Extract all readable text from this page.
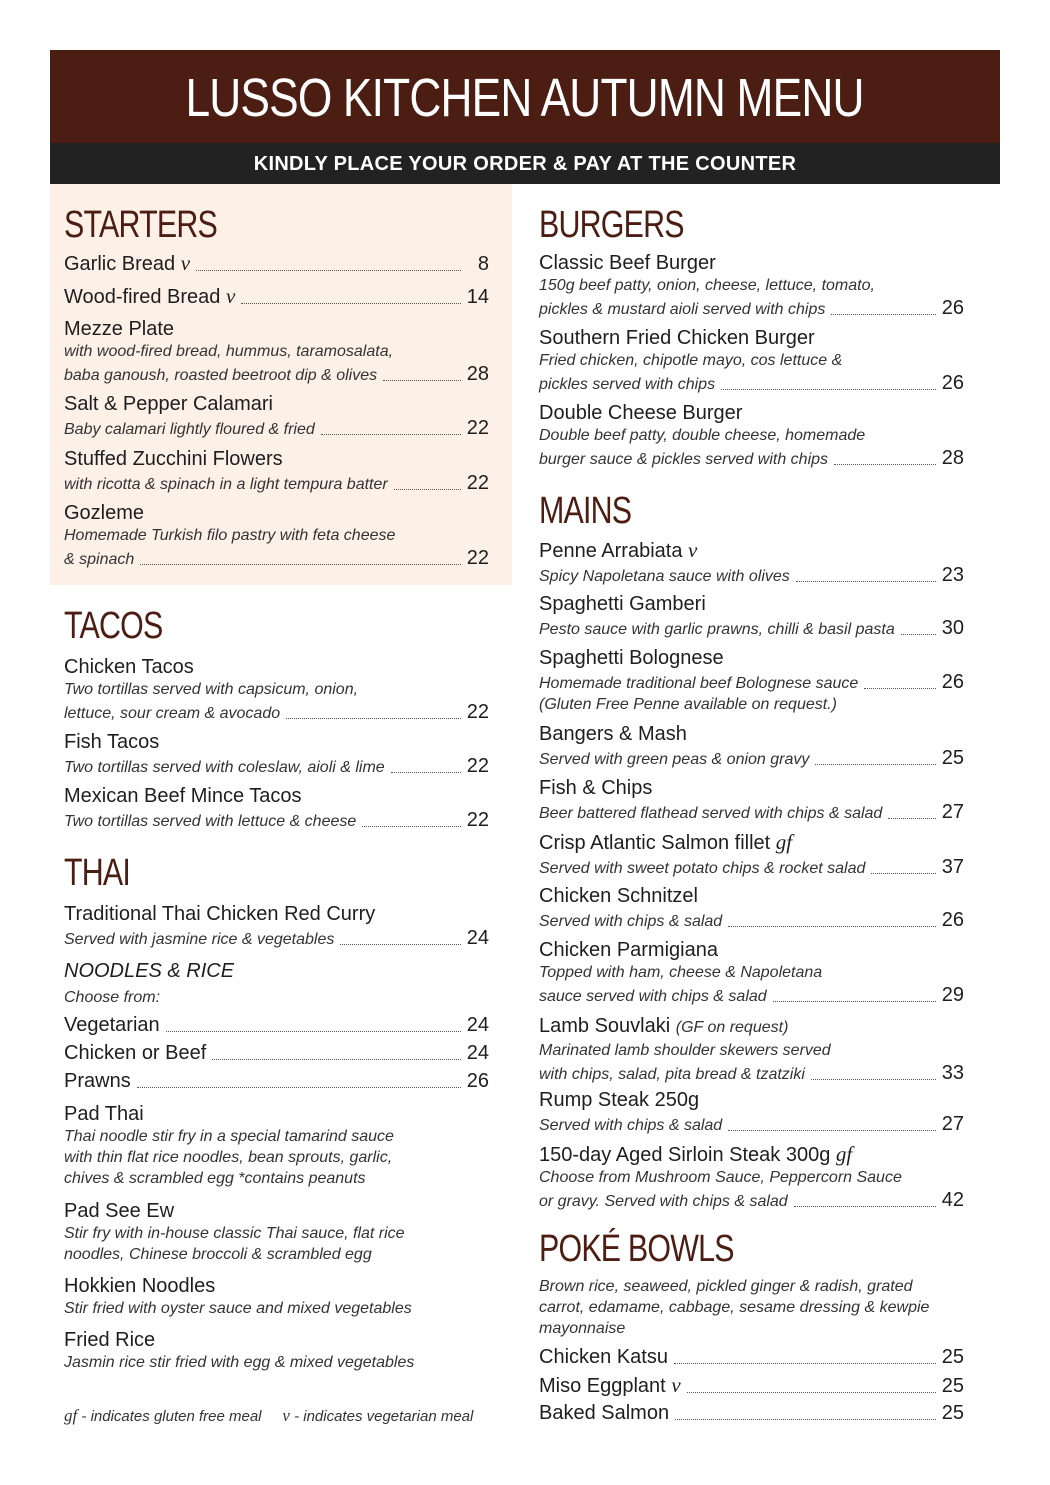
LUSSO KITCHEN AUTUMN MENU
KINDLY PLACE YOUR ORDER & PAY AT THE COUNTER
STARTERS
Garlic Bread v	8
Wood-fired Bread v	14
Mezze Plate
with wood-fired bread, hummus, taramosalata,
baba ganoush, roasted beetroot dip & olives	28
Salt & Pepper Calamari
Baby calamari lightly floured & fried	22
Stuffed Zucchini Flowers
with ricotta & spinach in a light tempura batter	22
Gozleme
Homemade Turkish filo pastry with feta cheese
& spinach	22
TACOS
Chicken Tacos
Two tortillas served with capsicum, onion,
lettuce, sour cream & avocado	22
Fish Tacos
Two tortillas served with coleslaw, aioli & lime	22
Mexican Beef Mince Tacos
Two tortillas served with lettuce & cheese	22
THAI
Traditional Thai Chicken Red Curry
Served with jasmine rice & vegetables	24
NOODLES & RICE
Choose from:
Vegetarian	24
Chicken or Beef	24
Prawns	26
Pad Thai
Thai noodle stir fry in a special tamarind sauce
with thin flat rice noodles, bean sprouts, garlic,
chives & scrambled egg *contains peanuts
Pad See Ew
Stir fry with in-house classic Thai sauce, flat rice
noodles, Chinese broccoli & scrambled egg
Hokkien Noodles
Stir fried with oyster sauce and mixed vegetables
Fried Rice
Jasmin rice stir fried with egg & mixed vegetables
gf - indicates gluten free meal v - indicates vegetarian meal
BURGERS
Classic Beef Burger
150g beef patty, onion, cheese, lettuce, tomato,
pickles & mustard aioli served with chips	26
Southern Fried Chicken Burger
Fried chicken, chipotle mayo, cos lettuce &
pickles served with chips	26
Double Cheese Burger
Double beef patty, double cheese, homemade
burger sauce & pickles served with chips	28
MAINS
Penne Arrabiata v
Spicy Napoletana sauce with olives	23
Spaghetti Gamberi
Pesto sauce with garlic prawns, chilli & basil pasta 30
Spaghetti Bolognese
Homemade traditional beef Bolognese sauce	26
(Gluten Free Penne available on request.)
Bangers & Mash
Served with green peas & onion gravy	25
Fish & Chips
Beer battered flathead served with chips & salad	27
Crisp Atlantic Salmon fillet gf
Served with sweet potato chips & rocket salad	37
Chicken Schnitzel
Served with chips & salad	26
Chicken Parmigiana
Topped with ham, cheese & Napoletana
sauce served with chips & salad	29
Lamb Souvlaki (GF on request)
Marinated lamb shoulder skewers served
with chips, salad, pita bread & tzatziki	33
Rump Steak 250g
Served with chips & salad	27
150-day Aged Sirloin Steak 300g gf
Choose from Mushroom Sauce, Peppercorn Sauce
or gravy. Served with chips & salad	42
POKÉ BOWLS
Brown rice, seaweed, pickled ginger & radish, grated
carrot, edamame, cabbage, sesame dressing & kewpie
mayonnaise
Chicken Katsu	25
Miso Eggplant v	25
Baked Salmon	25
